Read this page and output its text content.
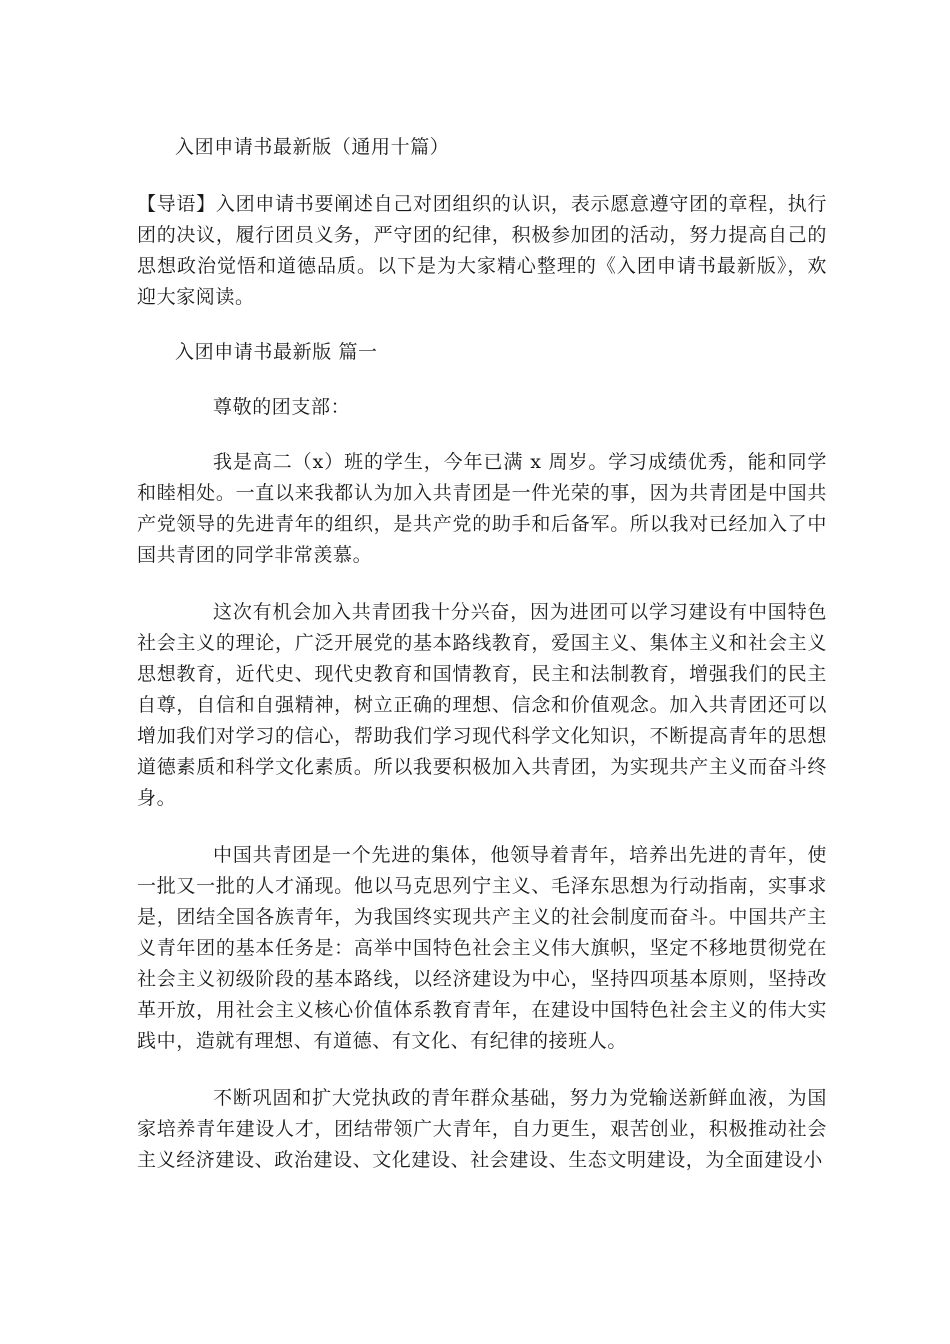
入团申请书最新版（通用十篇）

【导语】入团申请书要阐述自己对团组织的认识，表示愿意遵守团的章程，执行团的决议，履行团员义务，严守团的纪律，积极参加团的活动，努力提高自己的思想政治觉悟和道德品质。以下是为大家精心整理的《入团申请书最新版》，欢迎大家阅读。

入团申请书最新版 篇一

尊敬的团支部：

我是高二（x）班的学生，今年已满 x 周岁。学习成绩优秀，能和同学和睦相处。一直以来我都认为加入共青团是一件光荣的事，因为共青团是中国共产党领导的先进青年的组织，是共产党的助手和后备军。所以我对已经加入了中国共青团的同学非常羡慕。

这次有机会加入共青团我十分兴奋，因为进团可以学习建设有中国特色社会主义的理论，广泛开展党的基本路线教育，爱国主义、集体主义和社会主义思想教育，近代史、现代史教育和国情教育，民主和法制教育，增强我们的民主自尊，自信和自强精神，树立正确的理想、信念和价值观念。加入共青团还可以增加我们对学习的信心，帮助我们学习现代科学文化知识，不断提高青年的思想道德素质和科学文化素质。所以我要积极加入共青团，为实现共产主义而奋斗终身。

中国共青团是一个先进的集体，他领导着青年，培养出先进的青年，使一批又一批的人才涌现。他以马克思列宁主义、毛泽东思想为行动指南，实事求是，团结全国各族青年，为我国终实现共产主义的社会制度而奋斗。中国共产主义青年团的基本任务是：高举中国特色社会主义伟大旗帜，坚定不移地贯彻党在社会主义初级阶段的基本路线，以经济建设为中心，坚持四项基本原则，坚持改革开放，用社会主义核心价值体系教育青年，在建设中国特色社会主义的伟大实践中，造就有理想、有道德、有文化、有纪律的接班人。

不断巩固和扩大党执政的青年群众基础，努力为党输送新鲜血液，为国家培养青年建设人才，团结带领广大青年，自力更生，艰苦创业，积极推动社会主义经济建设、政治建设、文化建设、社会建设、生态文明建设，为全面建设小
